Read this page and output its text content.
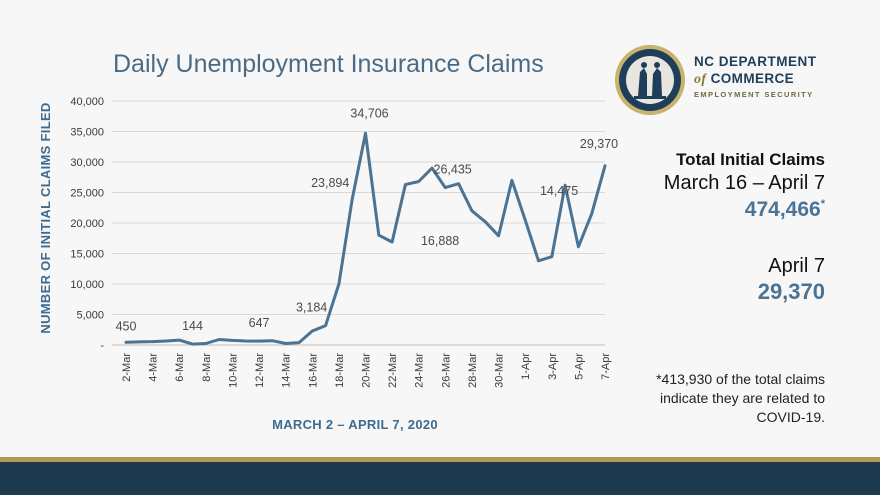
Daily Unemployment Insurance Claims
-
5,000
10,000
15,000
20,000
25,000
30,000
35,000
40,000
2-Mar 4-Mar 6-Mar 8-Mar 10-Mar 12-Mar 14-Mar 16-Mar 18-Mar 20-Mar 22-Mar 24-Mar 26-Mar 28-Mar 30-Mar 1-Apr 3-Apr 5-Apr 7-Apr
450	144	647
3,184
23,894
34,706
16,888
26,435
14,475
29,370
NUMBER OF INITIAL CLAIMS FILED
MARCH 2 – APRIL 7, 2020
NC DEPARTMENT
of COMMERCE
EMPLOYMENT SECURITY
Total Initial Claims
March 16 – April 7
474,466*
April 7
29,370
*413,930 of the total claims indicate they are related to COVID-19.
